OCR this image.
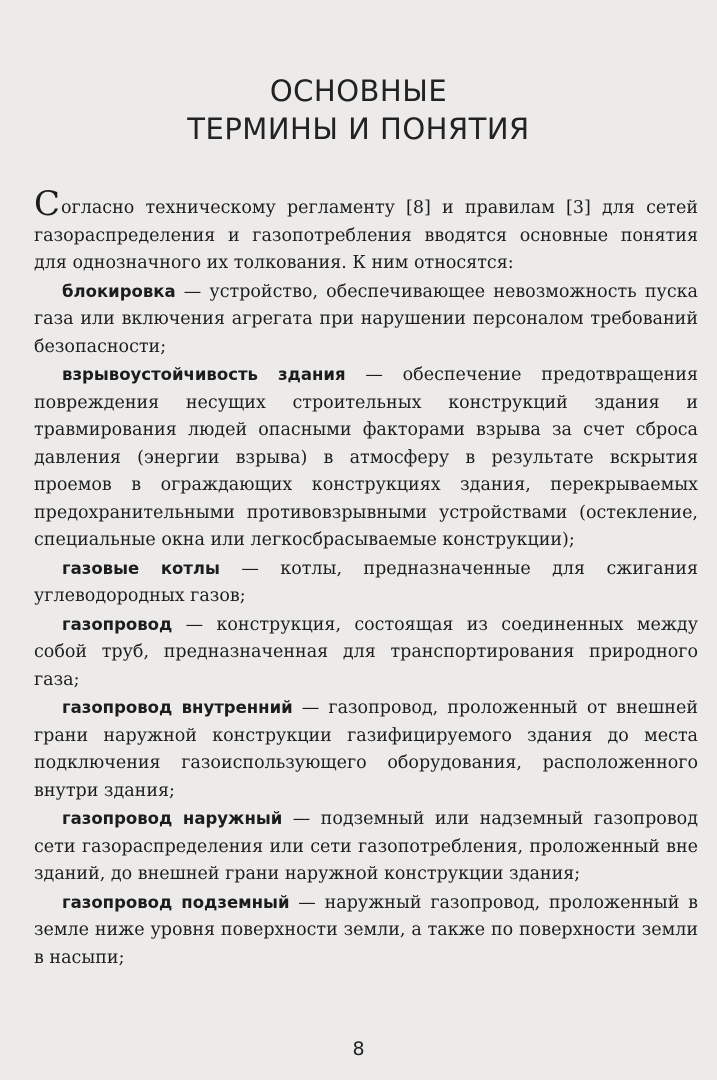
ОСНОВНЫЕ
ТЕРМИНЫ И ПОНЯТИЯ

Согласно техническому регламенту [8] и правилам [3] для сетей газораспределения и газопотребления вводятся основные понятия для однозначного их толкования. К ним относятся:

блокировка — устройство, обеспечивающее невозможность пуска газа или включения агрегата при нарушении персоналом требований безопасности;

взрывоустойчивость здания — обеспечение предотвращения повреждения несущих строительных конструкций здания и травмирования людей опасными факторами взрыва за счет сброса давления (энергии взрыва) в атмосферу в результате вскрытия проемов в ограждающих конструкциях здания, перекрываемых предохранительными противовзрывными устройствами (остекление, специальные окна или легкосбрасываемые конструкции);

газовые котлы — котлы, предназначенные для сжигания углеводородных газов;

газопровод — конструкция, состоящая из соединенных между собой труб, предназначенная для транспортирования природного газа;

газопровод внутренний — газопровод, проложенный от внешней грани наружной конструкции газифицируемого здания до места подключения газоиспользующего оборудования, расположенного внутри здания;

газопровод наружный — подземный или надземный газопровод сети газораспределения или сети газопотребления, проложенный вне зданий, до внешней грани наружной конструкции здания;

газопровод подземный — наружный газопровод, проложенный в земле ниже уровня поверхности земли, а также по поверхности земли в насыпи;

8
